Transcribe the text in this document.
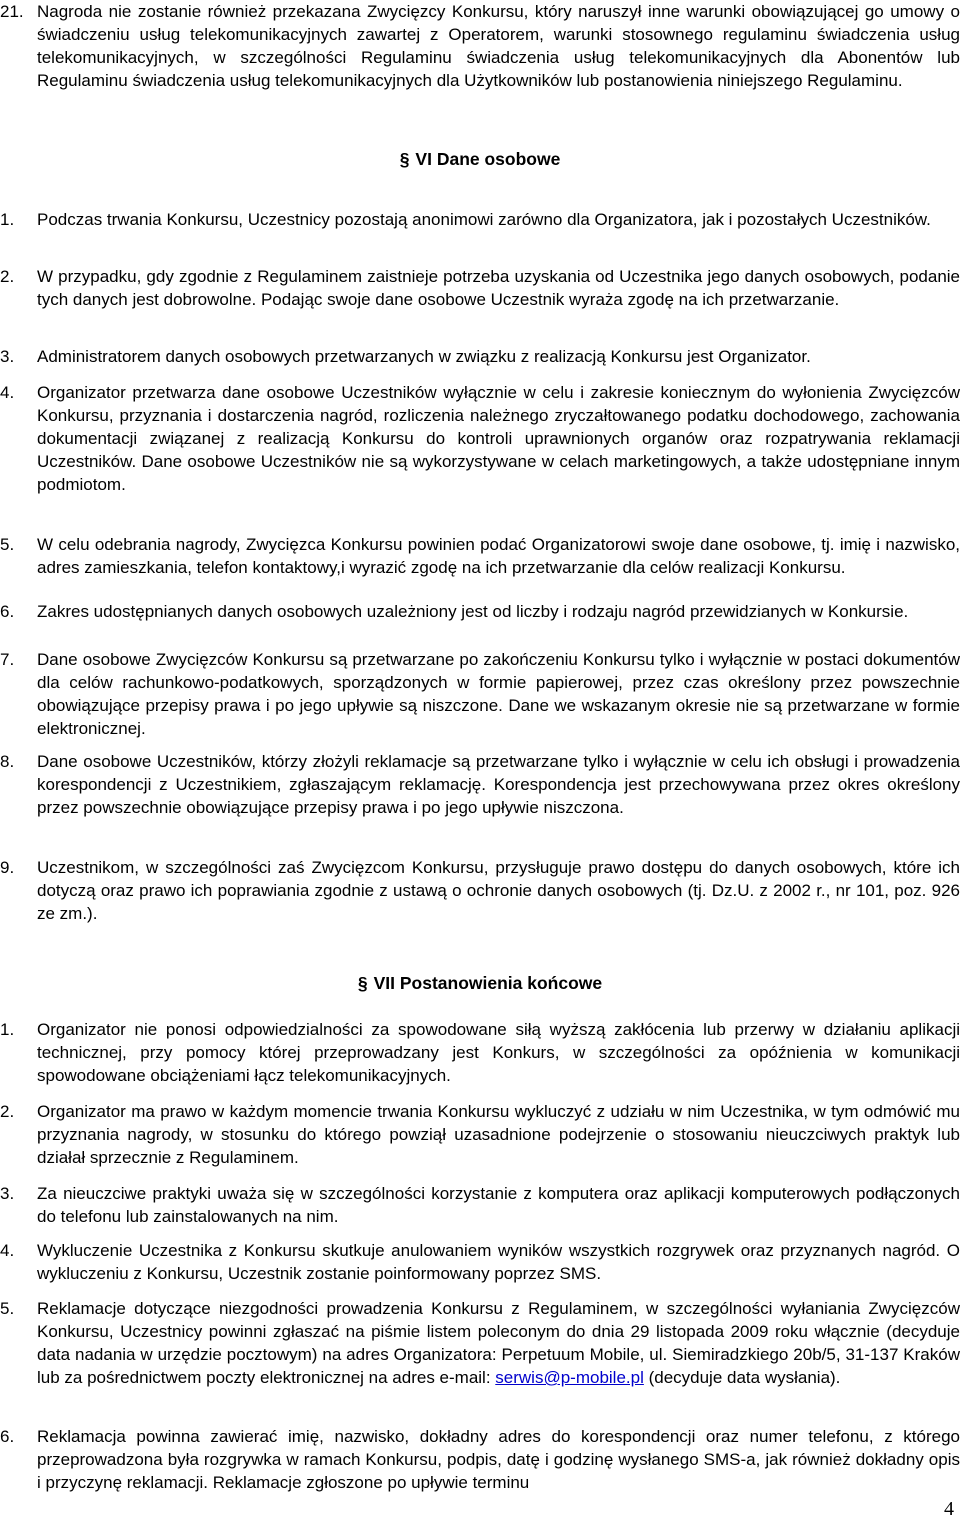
21. Nagroda nie zostanie również przekazana Zwycięzcy Konkursu, który naruszył inne warunki obowiązującej go umowy o świadczeniu usług telekomunikacyjnych zawartej z Operatorem, warunki stosownego regulaminu świadczenia usług telekomunikacyjnych, w szczególności Regulaminu świadczenia usług telekomunikacyjnych dla Abonentów lub Regulaminu świadczenia usług telekomunikacyjnych dla Użytkowników lub postanowienia niniejszego Regulaminu.
§ VI Dane osobowe
1.	Podczas trwania Konkursu, Uczestnicy pozostają anonimowi zarówno dla Organizatora, jak i pozostałych Uczestników.
2.	W przypadku, gdy zgodnie z Regulaminem zaistnieje potrzeba uzyskania od Uczestnika jego danych osobowych, podanie tych danych jest dobrowolne. Podając swoje dane osobowe Uczestnik wyraża zgodę na ich przetwarzanie.
3.	Administratorem danych osobowych przetwarzanych w związku z realizacją Konkursu jest Organizator.
4.	Organizator przetwarza dane osobowe Uczestników wyłącznie w celu i zakresie koniecznym do wyłonienia Zwycięzców Konkursu, przyznania i dostarczenia nagród, rozliczenia należnego zryczałtowanego podatku dochodowego, zachowania dokumentacji związanej z realizacją Konkursu do kontroli uprawnionych organów oraz rozpatrywania reklamacji Uczestników. Dane osobowe Uczestników nie są wykorzystywane w celach marketingowych, a także udostępniane innym podmiotom.
5.	W celu odebrania nagrody, Zwycięzca Konkursu powinien podać Organizatorowi swoje dane osobowe, tj. imię i nazwisko, adres zamieszkania, telefon kontaktowy,i wyrazić zgodę na ich przetwarzanie dla celów realizacji Konkursu.
6.	Zakres udostępnianych danych osobowych uzależniony jest od liczby i rodzaju nagród przewidzianych w Konkursie.
7.	Dane osobowe Zwycięzców Konkursu są przetwarzane po zakończeniu Konkursu tylko i wyłącznie w postaci dokumentów dla celów rachunkowo-podatkowych, sporządzonych w formie papierowej, przez czas określony przez powszechnie obowiązujące przepisy prawa i po jego upływie są niszczone. Dane we wskazanym okresie nie są przetwarzane w formie elektronicznej.
8.	Dane osobowe Uczestników, którzy złożyli reklamacje są przetwarzane tylko i wyłącznie w celu ich obsługi i prowadzenia korespondencji z Uczestnikiem, zgłaszającym reklamację. Korespondencja jest przechowywana przez okres określony przez powszechnie obowiązujące przepisy prawa i po jego upływie niszczona.
9.	Uczestnikom, w szczególności zaś Zwycięzcom Konkursu, przysługuje prawo dostępu do danych osobowych, które ich dotyczą oraz prawo ich poprawiania zgodnie z ustawą o ochronie danych osobowych (tj. Dz.U. z 2002 r., nr 101, poz. 926 ze zm.).
§ VII Postanowienia końcowe
1.	Organizator nie ponosi odpowiedzialności za spowodowane siłą wyższą zakłócenia lub przerwy w działaniu aplikacji technicznej, przy pomocy której przeprowadzany jest Konkurs, w szczególności za opóźnienia w komunikacji spowodowane obciążeniami łącz telekomunikacyjnych.
2.	Organizator ma prawo w każdym momencie trwania Konkursu wykluczyć z udziału w nim Uczestnika, w tym odmówić mu przyznania nagrody, w stosunku do którego powziął uzasadnione podejrzenie o stosowaniu nieuczciwych praktyk lub działał sprzecznie z Regulaminem.
3.	Za nieuczciwe praktyki uważa się w szczególności korzystanie z komputera oraz aplikacji komputerowych podłączonych do telefonu lub zainstalowanych na nim.
4.	Wykluczenie Uczestnika z Konkursu skutkuje anulowaniem wyników wszystkich rozgrywek oraz przyznanych nagród. O wykluczeniu z Konkursu, Uczestnik zostanie poinformowany poprzez SMS.
5.	Reklamacje dotyczące niezgodności prowadzenia Konkursu z Regulaminem, w szczególności wyłaniania Zwycięzców Konkursu, Uczestnicy powinni zgłaszać na piśmie listem poleconym do dnia 29 listopada 2009 roku włącznie (decyduje data nadania w urzędzie pocztowym) na adres Organizatora: Perpetuum Mobile, ul. Siemiradzkiego 20b/5, 31-137 Kraków lub za pośrednictwem poczty elektronicznej na adres e-mail: serwis@p-mobile.pl (decyduje data wysłania).
6.	Reklamacja powinna zawierać imię, nazwisko, dokładny adres do korespondencji oraz numer telefonu, z którego przeprowadzona była rozgrywka w ramach Konkursu, podpis, datę i godzinę wysłanego SMS-a, jak również dokładny opis i przyczynę reklamacji. Reklamacje zgłoszone po upływie terminu
4
